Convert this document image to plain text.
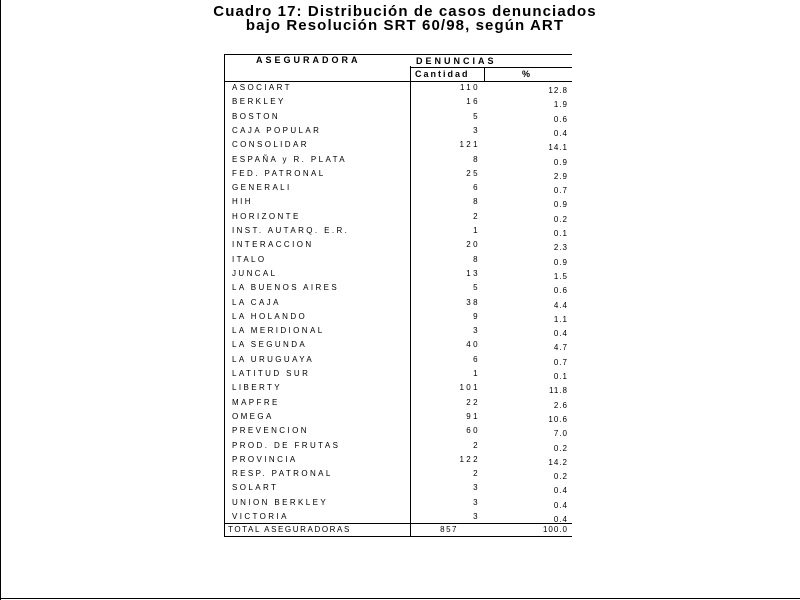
Cuadro 17: Distribución de casos denunciados
bajo Resolución SRT 60/98, según ART
ASEGURADORA	DENUNCIAS
Cantidad	%
ASOCIART	110	12.8
BERKLEY	16	1.9
BOSTON	5	0.6
CAJA POPULAR	3	0.4
CONSOLIDAR	121	14.1
ESPAÑA y R. PLATA	8	0.9
FED. PATRONAL	25	2.9
GENERALI	6	0.7
HIH	8	0.9
HORIZONTE	2	0.2
INST. AUTARQ. E.R.	1	0.1
INTERACCION	20	2.3
ITALO	8	0.9
JUNCAL	13	1.5
LA BUENOS AIRES	5	0.6
LA CAJA	38	4.4
LA HOLANDO	9	1.1
LA MERIDIONAL	3	0.4
LA SEGUNDA	40	4.7
LA URUGUAYA	6	0.7
LATITUD SUR	1	0.1
LIBERTY	101	11.8
MAPFRE	22	2.6
OMEGA	91	10.6
PREVENCION	60	7.0
PROD. DE FRUTAS	2	0.2
PROVINCIA	122	14.2
RESP. PATRONAL	2	0.2
SOLART	3	0.4
UNION BERKLEY	3	0.4
VICTORIA	3	0.4
TOTAL ASEGURADORAS	857	100.0
